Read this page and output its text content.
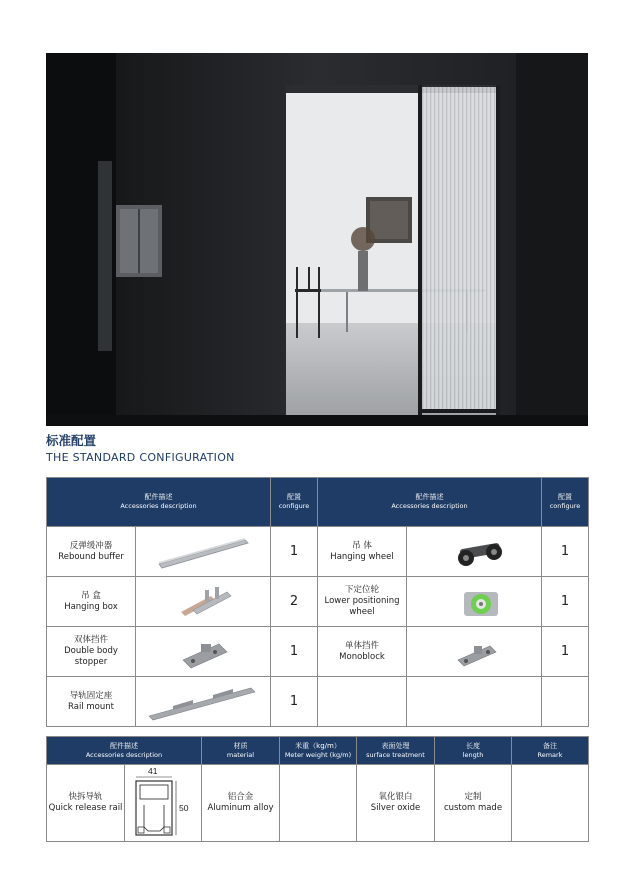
标准配置
THE STANDARD CONFIGURATION
配件描述
Accessories description		配置
configure	配件描述
Accessories description		配置
configure

反弹缓冲器
Rebound buffer		1	吊 体
Hanging wheel		1

吊 盒
Hanging box		2	下定位轮
Lower positioning wheel		1

双体挡件
Double body stopper		1	单体挡件
Monoblock		1

导轨固定座
Rail mount		1	

配件描述
Accessories description		材质
material	米重（kg/m）
Meter weight (kg/m)	表面处理
surface treatment	长度
length	备注
Remark

快拆导轨
Quick release rail	41
50	铝合金
Aluminum alloy		氧化银白
Silver oxide	定制
custom made	
